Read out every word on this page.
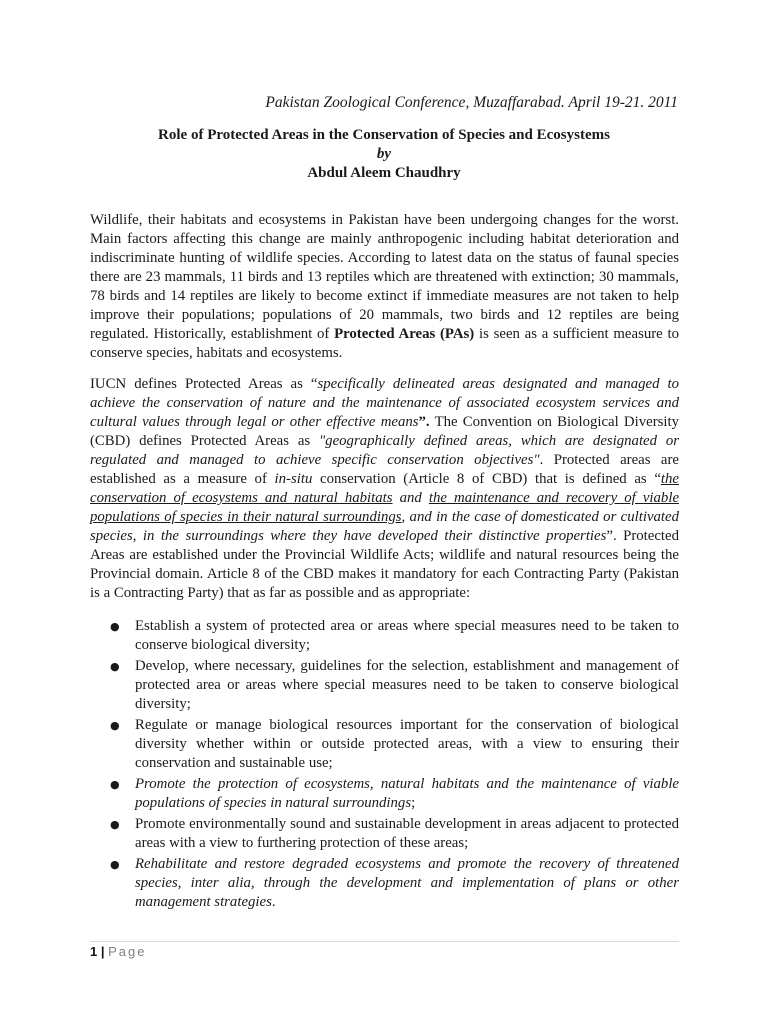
Pakistan Zoological Conference, Muzaffarabad. April 19-21. 2011
Role of Protected Areas in the Conservation of Species and Ecosystems
by
Abdul Aleem Chaudhry

Wildlife, their habitats and ecosystems in Pakistan have been undergoing changes for the worst. Main factors affecting this change are mainly anthropogenic including habitat deterioration and indiscriminate hunting of wildlife species. According to latest data on the status of faunal species there are 23 mammals, 11 birds and 13 reptiles which are threatened with extinction; 30 mammals, 78 birds and 14 reptiles are likely to become extinct if immediate measures are not taken to help improve their populations; populations of 20 mammals, two birds and 12 reptiles are being regulated. Historically, establishment of Protected Areas (PAs) is seen as a sufficient measure to conserve species, habitats and ecosystems.

IUCN defines Protected Areas as “specifically delineated areas designated and managed to achieve the conservation of nature and the maintenance of associated ecosystem services and cultural values through legal or other effective means”. The Convention on Biological Diversity (CBD) defines Protected Areas as "geographically defined areas, which are designated or regulated and managed to achieve specific conservation objectives". Protected areas are established as a measure of in-situ conservation (Article 8 of CBD) that is defined as “the conservation of ecosystems and natural habitats and the maintenance and recovery of viable populations of species in their natural surroundings, and in the case of domesticated or cultivated species, in the surroundings where they have developed their distinctive properties”. Protected Areas are established under the Provincial Wildlife Acts; wildlife and natural resources being the Provincial domain. Article 8 of the CBD makes it mandatory for each Contracting Party (Pakistan is a Contracting Party) that as far as possible and as appropriate:

● Establish a system of protected area or areas where special measures need to be taken to conserve biological diversity;
● Develop, where necessary, guidelines for the selection, establishment and management of protected area or areas where special measures need to be taken to conserve biological diversity;
● Regulate or manage biological resources important for the conservation of biological diversity whether within or outside protected areas, with a view to ensuring their conservation and sustainable use;
● Promote the protection of ecosystems, natural habitats and the maintenance of viable populations of species in natural surroundings;
● Promote environmentally sound and sustainable development in areas adjacent to protected areas with a view to furthering protection of these areas;
● Rehabilitate and restore degraded ecosystems and promote the recovery of threatened species, inter alia, through the development and implementation of plans or other management strategies.
1 | Page
